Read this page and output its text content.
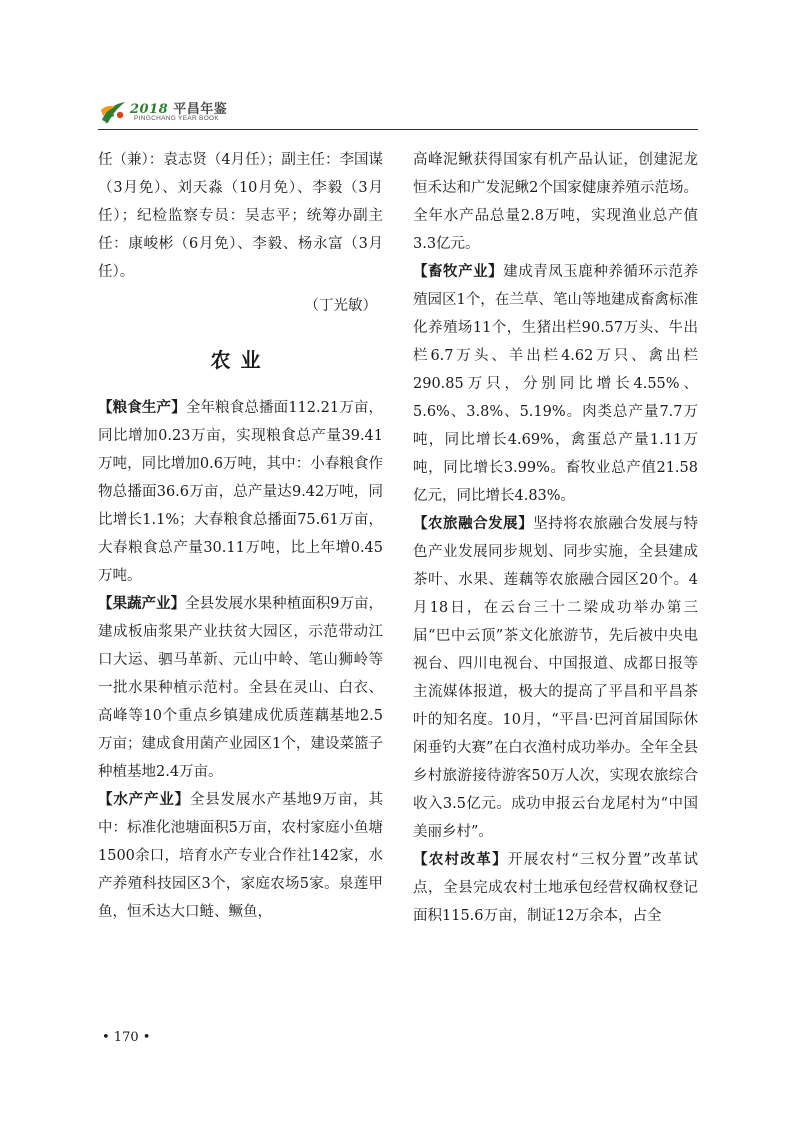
2018 平昌年鉴
PINGCHANG YEAR BOOK

任（兼）：袁志贤（4月任）；副主任：李国谋（3月免）、刘天淼（10月免）、李毅（3月任）；纪检监察专员：吴志平；统筹办副主任：康峻彬（6月免）、李毅、杨永富（3月任）。

（丁光敏）

农业

【粮食生产】全年粮食总播面112.21万亩，同比增加0.23万亩，实现粮食总产量39.41万吨，同比增加0.6万吨，其中：小春粮食作物总播面36.6万亩，总产量达9.42万吨，同比增长1.1%；大春粮食总播面75.61万亩，大春粮食总产量30.11万吨，比上年增0.45万吨。

【果蔬产业】全县发展水果种植面积9万亩，建成板庙浆果产业扶贫大园区，示范带动江口大运、驷马革新、元山中岭、笔山狮岭等一批水果种植示范村。全县在灵山、白衣、高峰等10个重点乡镇建成优质莲藕基地2.5万亩；建成食用菌产业园区1个，建设菜篮子种植基地2.4万亩。

【水产产业】全县发展水产基地9万亩，其中：标准化池塘面积5万亩，农村家庭小鱼塘1500余口，培育水产专业合作社142家，水产养殖科技园区3个，家庭农场5家。泉莲甲鱼，恒禾达大口鲢、鳜鱼，

高峰泥鳅获得国家有机产品认证，创建泥龙恒禾达和广发泥鳅2个国家健康养殖示范场。全年水产品总量2.8万吨，实现渔业总产值3.3亿元。

【畜牧产业】建成青凤玉鹿种养循环示范养殖园区1个，在兰草、笔山等地建成畜禽标准化养殖场11个，生猪出栏90.57万头、牛出栏6.7万头、羊出栏4.62万只、禽出栏290.85万只，分别同比增长4.55%、5.6%、3.8%、5.19%。肉类总产量7.7万吨，同比增长4.69%，禽蛋总产量1.11万吨，同比增长3.99%。畜牧业总产值21.58亿元，同比增长4.83%。

【农旅融合发展】坚持将农旅融合发展与特色产业发展同步规划、同步实施，全县建成茶叶、水果、莲藕等农旅融合园区20个。4月18日，在云台三十二梁成功举办第三届“巴中云顶”茶文化旅游节，先后被中央电视台、四川电视台、中国报道、成都日报等主流媒体报道，极大的提高了平昌和平昌茶叶的知名度。10月，“平昌·巴河首届国际休闲垂钓大赛”在白衣渔村成功举办。全年全县乡村旅游接待游客50万人次，实现农旅综合收入3.5亿元。成功申报云台龙尾村为“中国美丽乡村”。

【农村改革】开展农村“三权分置”改革试点，全县完成农村土地承包经营权确权登记面积115.6万亩，制证12万余本，占全

• 170 •
